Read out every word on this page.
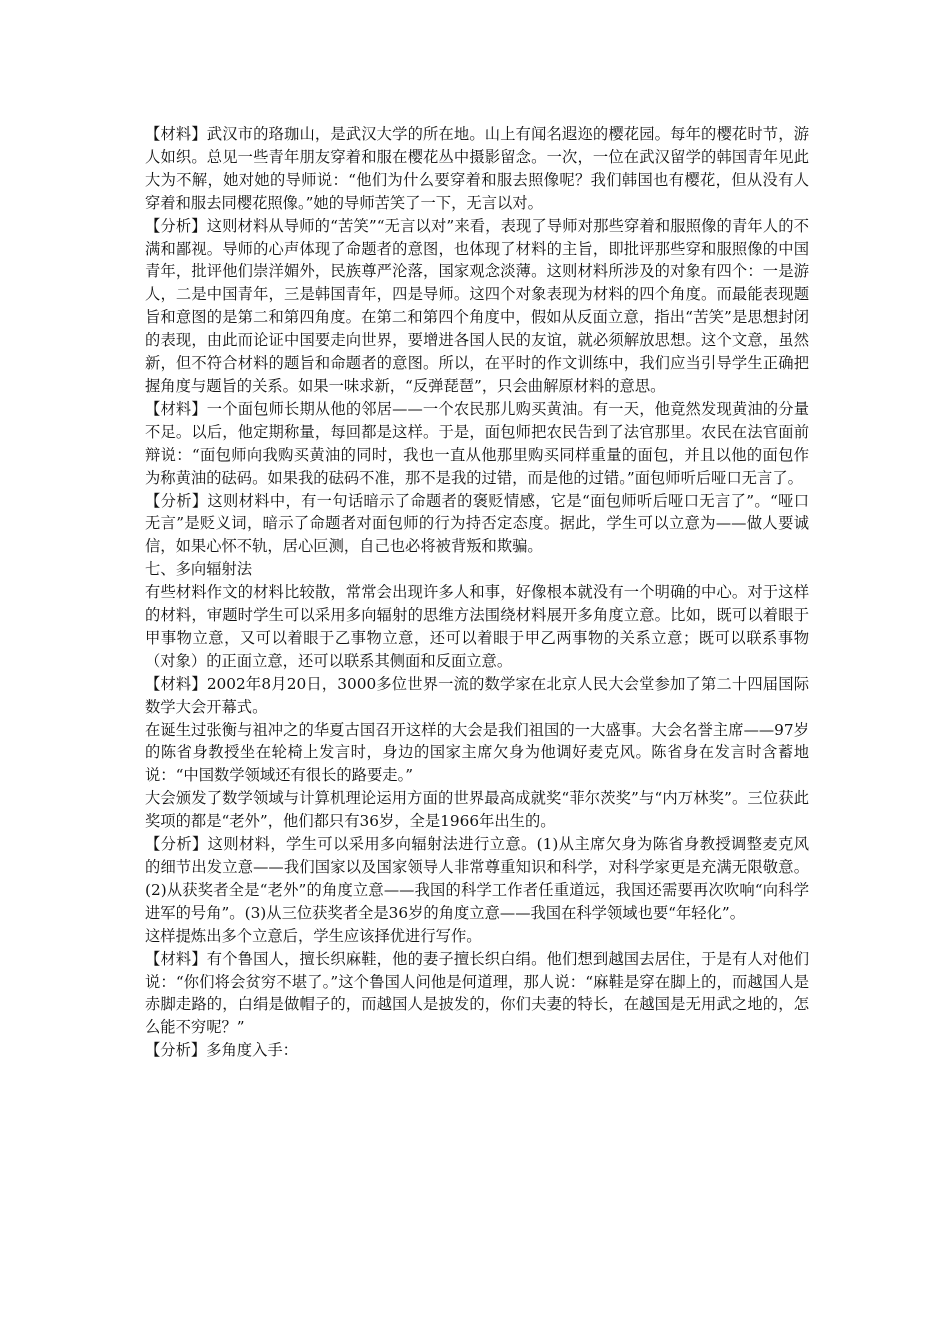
【材料】武汉市的珞珈山，是武汉大学的所在地。山上有闻名遐迩的樱花园。每年的樱花时节，游人如织。总见一些青年朋友穿着和服在樱花丛中摄影留念。一次，一位在武汉留学的韩国青年见此大为不解，她对她的导师说：“他们为什么要穿着和服去照像呢？我们韩国也有樱花，但从没有人穿着和服去同樱花照像。”她的导师苦笑了一下，无言以对。

【分析】这则材料从导师的“苦笑”“无言以对”来看，表现了导师对那些穿着和服照像的青年人的不满和鄙视。导师的心声体现了命题者的意图，也体现了材料的主旨，即批评那些穿和服照像的中国青年，批评他们崇洋媚外，民族尊严沦落，国家观念淡薄。这则材料所涉及的对象有四个：一是游人，二是中国青年，三是韩国青年，四是导师。这四个对象表现为材料的四个角度。而最能表现题旨和意图的是第二和第四角度。在第二和第四个角度中，假如从反面立意，指出“苦笑”是思想封闭的表现，由此而论证中国要走向世界，要增进各国人民的友谊，就必须解放思想。这个文意，虽然新，但不符合材料的题旨和命题者的意图。所以，在平时的作文训练中，我们应当引导学生正确把握角度与题旨的关系。如果一味求新，“反弹琵琶”，只会曲解原材料的意思。

【材料】一个面包师长期从他的邻居——一个农民那儿购买黄油。有一天，他竟然发现黄油的分量不足。以后，他定期称量，每回都是这样。于是，面包师把农民告到了法官那里。农民在法官面前辩说：“面包师向我购买黄油的同时，我也一直从他那里购买同样重量的面包，并且以他的面包作为称黄油的砝码。如果我的砝码不准，那不是我的过错，而是他的过错。”面包师听后哑口无言了。

【分析】这则材料中，有一句话暗示了命题者的褒贬情感，它是“面包师听后哑口无言了”。“哑口无言”是贬义词，暗示了命题者对面包师的行为持否定态度。据此，学生可以立意为——做人要诚信，如果心怀不轨，居心叵测，自己也必将被背叛和欺骗。

七、多向辐射法

有些材料作文的材料比较散，常常会出现许多人和事，好像根本就没有一个明确的中心。对于这样的材料，审题时学生可以采用多向辐射的思维方法围绕材料展开多角度立意。比如，既可以着眼于甲事物立意，又可以着眼于乙事物立意，还可以着眼于甲乙两事物的关系立意；既可以联系事物（对象）的正面立意，还可以联系其侧面和反面立意。

【材料】2002年8月20日，3000多位世界一流的数学家在北京人民大会堂参加了第二十四届国际数学大会开幕式。

在诞生过张衡与祖冲之的华夏古国召开这样的大会是我们祖国的一大盛事。大会名誉主席——97岁的陈省身教授坐在轮椅上发言时，身边的国家主席欠身为他调好麦克风。陈省身在发言时含蓄地说：“中国数学领域还有很长的路要走。”

大会颁发了数学领域与计算机理论运用方面的世界最高成就奖“菲尔茨奖”与“内万林奖”。三位获此奖项的都是“老外”，他们都只有36岁，全是1966年出生的。

【分析】这则材料，学生可以采用多向辐射法进行立意。(1)从主席欠身为陈省身教授调整麦克风的细节出发立意——我们国家以及国家领导人非常尊重知识和科学，对科学家更是充满无限敬意。(2)从获奖者全是“老外”的角度立意——我国的科学工作者任重道远，我国还需要再次吹响“向科学进军的号角”。(3)从三位获奖者全是36岁的角度立意——我国在科学领域也要“年轻化”。

这样提炼出多个立意后，学生应该择优进行写作。

【材料】有个鲁国人，擅长织麻鞋，他的妻子擅长织白绢。他们想到越国去居住，于是有人对他们说：“你们将会贫穷不堪了。”这个鲁国人问他是何道理，那人说：“麻鞋是穿在脚上的，而越国人是赤脚走路的，白绢是做帽子的，而越国人是披发的，你们夫妻的特长，在越国是无用武之地的，怎么能不穷呢？”

【分析】多角度入手：
